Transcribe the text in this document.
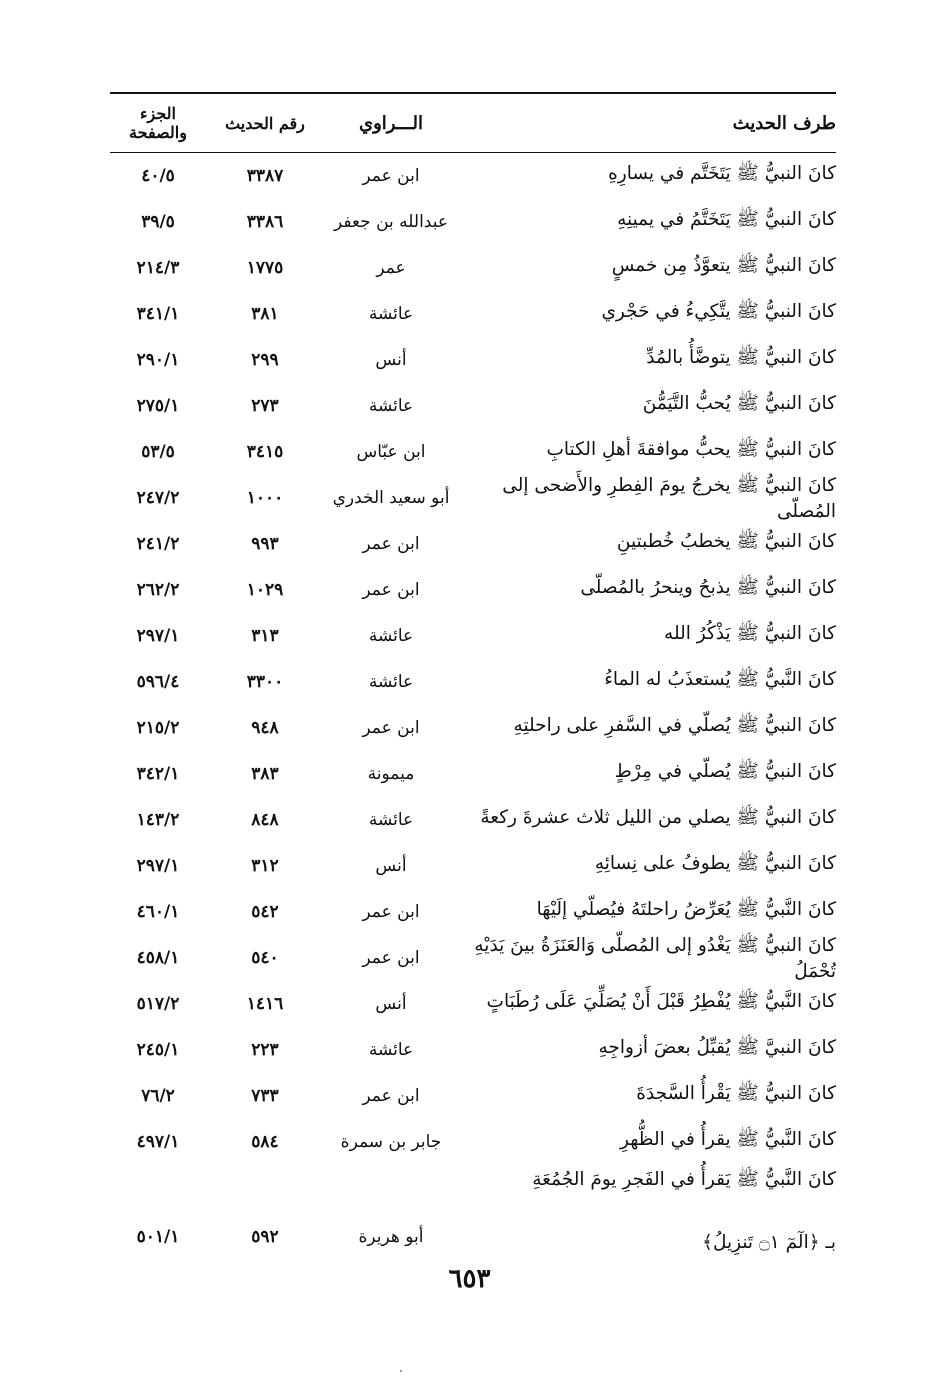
طرف الحديث
الـــراوي
رقم الحديث
الجزء والصفحة
كانَ النبيُّ ﷺ يَتَخَتَّم في يسارِهِ
ابن عمر
٣٣٨٧
٤٠/٥
كانَ النبيُّ ﷺ يَتَخَتَّمُ في يمينِهِ
عبدالله بن جعفر
٣٣٨٦
٣٩/٥
كانَ النبيُّ ﷺ يتعوَّذُ مِن خمسٍ
عمر
١٧٧٥
٢١٤/٣
كانَ النبيُّ ﷺ يتَّكِيءُ في حَجْري
عائشة
٣٨١
٣٤١/١
كانَ النبيُّ ﷺ يتوضَّأُ بالمُدِّ
أنس
٢٩٩
٢٩٠/١
كانَ النبيُّ ﷺ يُحبُّ التَّيَمُّنَ
عائشة
٢٧٣
٢٧٥/١
كانَ النبيُّ ﷺ يحبُّ موافقةَ أهلِ الكتابِ
ابن عبّاس
٣٤١٥
٥٣/٥
كانَ النبيُّ ﷺ يخرجُ يومَ الفِطرِ والأَضحى إلى المُصلّى
أبو سعيد الخدري
١٠٠٠
٢٤٧/٢
كانَ النبيُّ ﷺ يخطبُ خُطبتينِ
ابن عمر
٩٩٣
٢٤١/٢
كانَ النبيُّ ﷺ يذبحُ وينحرُ بالمُصلّى
ابن عمر
١٠٢٩
٢٦٢/٢
كانَ النبيُّ ﷺ يَذْكُرُ الله
عائشة
٣١٣
٢٩٧/١
كانَ النَّبيُّ ﷺ يُستعذَبُ له الماءُ
عائشة
٣٣٠٠
٥٩٦/٤
كانَ النبيُّ ﷺ يُصلّي في السَّفرِ على راحلتِهِ
ابن عمر
٩٤٨
٢١٥/٢
كانَ النبيُّ ﷺ يُصلّي في مِرْطٍ
ميمونة
٣٨٣
٣٤٢/١
كانَ النبيُّ ﷺ يصلي من الليل ثلاث عشرةَ ركعةً
عائشة
٨٤٨
١٤٣/٢
كانَ النبيُّ ﷺ يطوفُ على نِسائِهِ
أنس
٣١٢
٢٩٧/١
كانَ النَّبيُّ ﷺ يُعَرِّضُ راحلتَهُ فيُصلّي إلَيْهَا
ابن عمر
٥٤٢
٤٦٠/١
كانَ النبيُّ ﷺ يَغْدُو إلى المُصلّى وَالعَنَزَةُ بينَ يَدَيْهِ تُحْمَلُ
ابن عمر
٥٤٠
٤٥٨/١
كانَ النَّبيُّ ﷺ يُفْطِرُ قَبْلَ أَنْ يُصَلِّيَ عَلَى رُطَبَاتٍ
أنس
١٤١٦
٥١٧/٢
كانَ النبيَّ ﷺ يُقبِّلُ بعضَ أزواجِهِ
عائشة
٢٢٣
٢٤٥/١
كانَ النبيُّ ﷺ يَقْرأُ السَّجدَةَ
ابن عمر
٧٣٣
٧٦/٢
كانَ النَّبيُّ ﷺ يقرأُ في الظُّهرِ
جابر بن سمرة
٥٨٤
٤٩٧/١
كانَ النَّبيُّ ﷺ يَقرأُ في الفَجرِ يومَ الجُمُعَةِ
بـ ﴿الٓمٓ ۝١ تَنزِيلُ﴾
أبو هريرة
٥٩٢
٥٠١/١
٦٥٣
